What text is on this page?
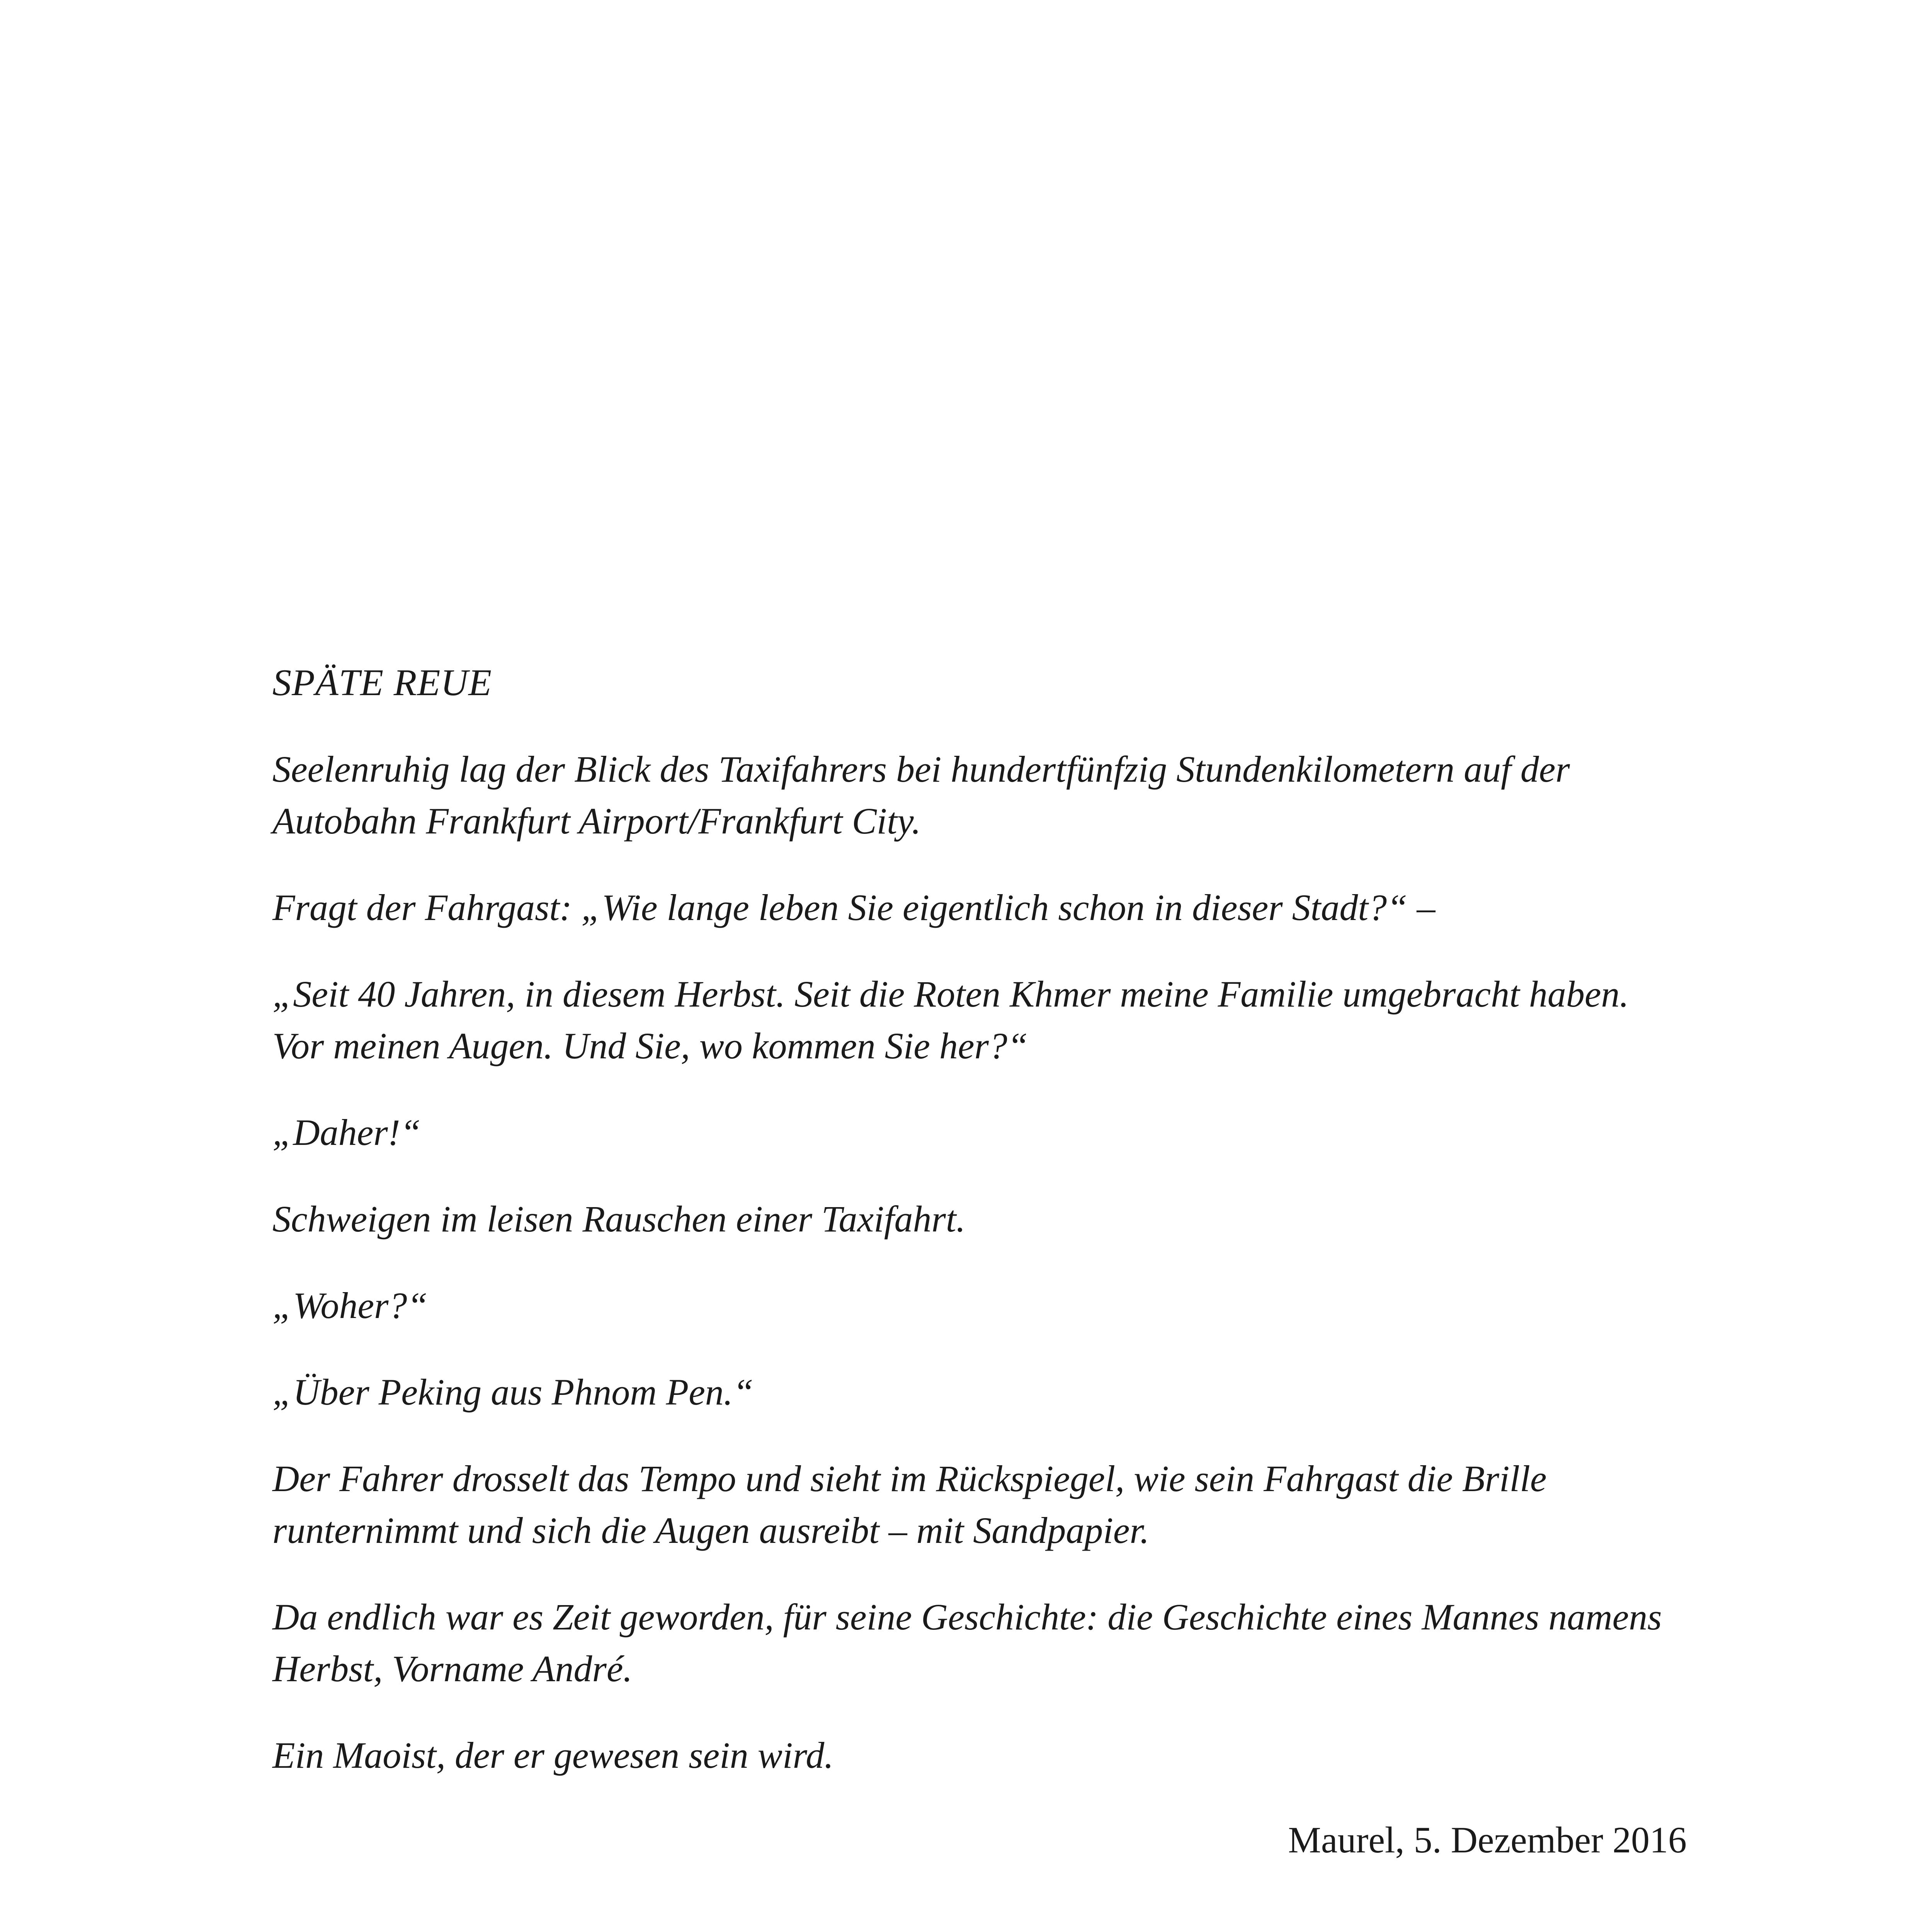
SPÄTE REUE

Seelenruhig lag der Blick des Taxifahrers bei hundertfünfzig Stundenkilometern auf der Autobahn Frankfurt Airport/Frankfurt City.

Fragt der Fahrgast: „Wie lange leben Sie eigentlich schon in dieser Stadt?“ –

„Seit 40 Jahren, in diesem Herbst. Seit die Roten Khmer meine Familie umgebracht haben. Vor meinen Augen. Und Sie, wo kommen Sie her?“

„Daher!“

Schweigen im leisen Rauschen einer Taxifahrt.

„Woher?“

„Über Peking aus Phnom Pen.“

Der Fahrer drosselt das Tempo und sieht im Rückspiegel, wie sein Fahrgast die Brille runternimmt und sich die Augen ausreibt – mit Sandpapier.

Da endlich war es Zeit geworden, für seine Geschichte: die Geschichte eines Mannes namens Herbst, Vorname André.

Ein Maoist, der er gewesen sein wird.

Maurel, 5. Dezember 2016
